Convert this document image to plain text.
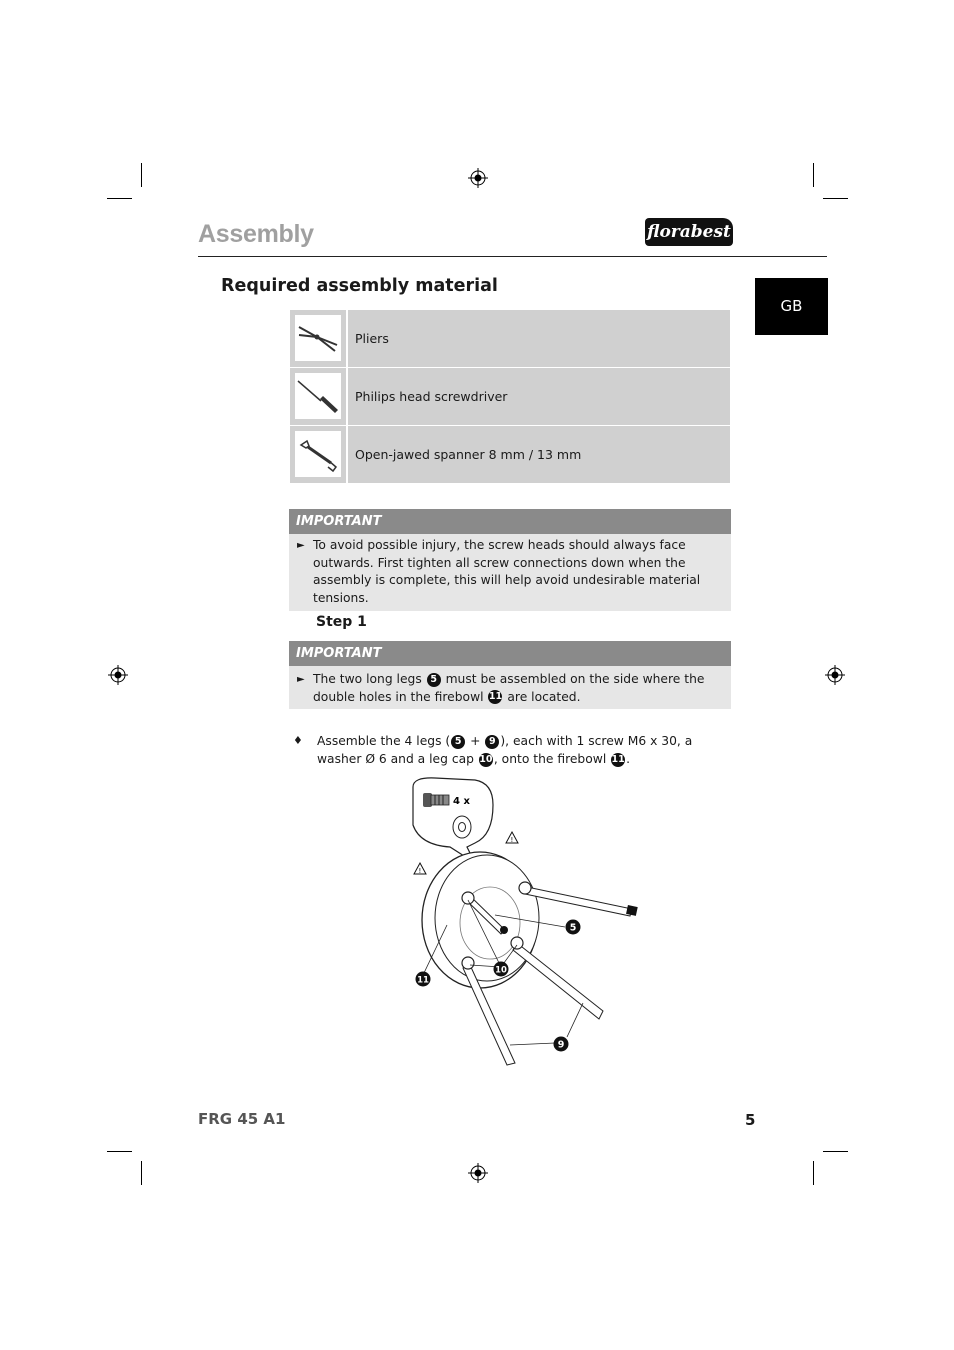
Assembly	florabest
GB
Required assembly material
Pliers
Philips head screwdriver
Open-jawed spanner 8 mm / 13 mm
IMPORTANT
► To avoid possible injury, the screw heads should always face outwards. First tighten all screw connections down when the assembly is complete, this will help avoid undesirable material tensions.
Step 1
IMPORTANT
► The two long legs 5 must be assembled on the side where the double holes in the firebowl 11 are located.
♦ Assemble the 4 legs ( 5 + 9 ), each with 1 screw M6 x 30, a washer Ø 6 and a leg cap 10, onto the firebowl 11.
4 x
!
!
5
10
11
9
FRG 45 A1	5
